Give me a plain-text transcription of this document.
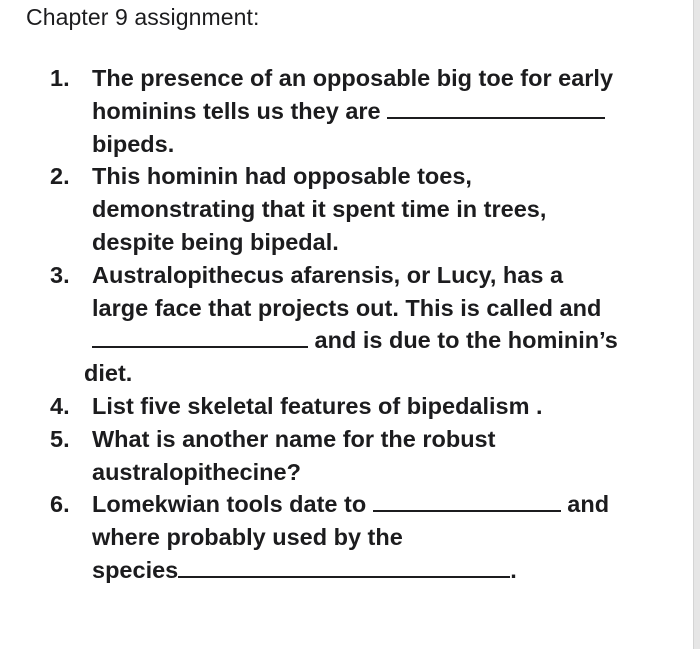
Chapter 9 assignment:
1. The presence of an opposable big toe for early
hominins tells us they are
bipeds.
2. This hominin had opposable toes,
demonstrating that it spent time in trees,
despite being bipedal.
3. Australopithecus afarensis, or Lucy, has a
large face that projects out. This is called and
and is due to the hominin’s
diet.
4. List five skeletal features of bipedalism .
5. What is another name for the robust
australopithecine?
6. Lomekwian tools date to	and
where probably used by the
species	.
